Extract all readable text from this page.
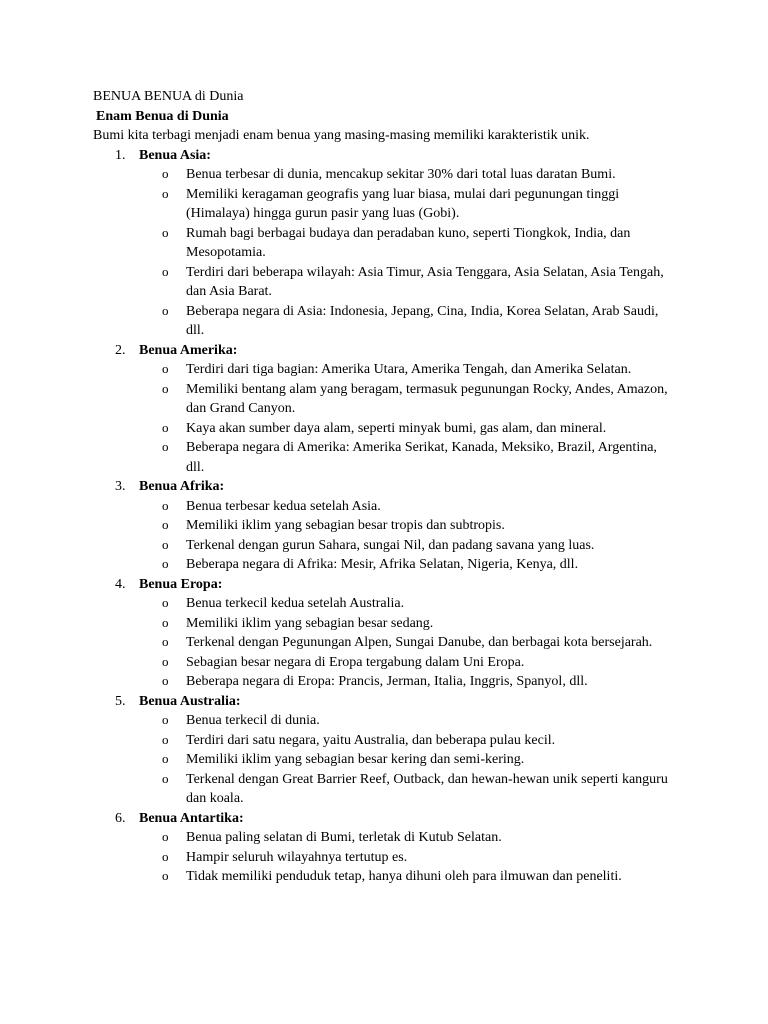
BENUA BENUA di Dunia

Enam Benua di Dunia

Bumi kita terbagi menjadi enam benua yang masing-masing memiliki karakteristik unik.

1. Benua Asia:
o Benua terbesar di dunia, mencakup sekitar 30% dari total luas daratan Bumi.
o Memiliki keragaman geografis yang luar biasa, mulai dari pegunungan tinggi (Himalaya) hingga gurun pasir yang luas (Gobi).
o Rumah bagi berbagai budaya dan peradaban kuno, seperti Tiongkok, India, dan Mesopotamia.
o Terdiri dari beberapa wilayah: Asia Timur, Asia Tenggara, Asia Selatan, Asia Tengah, dan Asia Barat.
o Beberapa negara di Asia: Indonesia, Jepang, Cina, India, Korea Selatan, Arab Saudi, dll.
2. Benua Amerika:
o Terdiri dari tiga bagian: Amerika Utara, Amerika Tengah, dan Amerika Selatan.
o Memiliki bentang alam yang beragam, termasuk pegunungan Rocky, Andes, Amazon, dan Grand Canyon.
o Kaya akan sumber daya alam, seperti minyak bumi, gas alam, dan mineral.
o Beberapa negara di Amerika: Amerika Serikat, Kanada, Meksiko, Brazil, Argentina, dll.
3. Benua Afrika:
o Benua terbesar kedua setelah Asia.
o Memiliki iklim yang sebagian besar tropis dan subtropis.
o Terkenal dengan gurun Sahara, sungai Nil, dan padang savana yang luas.
o Beberapa negara di Afrika: Mesir, Afrika Selatan, Nigeria, Kenya, dll.
4. Benua Eropa:
o Benua terkecil kedua setelah Australia.
o Memiliki iklim yang sebagian besar sedang.
o Terkenal dengan Pegunungan Alpen, Sungai Danube, dan berbagai kota bersejarah.
o Sebagian besar negara di Eropa tergabung dalam Uni Eropa.
o Beberapa negara di Eropa: Prancis, Jerman, Italia, Inggris, Spanyol, dll.
5. Benua Australia:
o Benua terkecil di dunia.
o Terdiri dari satu negara, yaitu Australia, dan beberapa pulau kecil.
o Memiliki iklim yang sebagian besar kering dan semi-kering.
o Terkenal dengan Great Barrier Reef, Outback, dan hewan-hewan unik seperti kanguru dan koala.
6. Benua Antartika:
o Benua paling selatan di Bumi, terletak di Kutub Selatan.
o Hampir seluruh wilayahnya tertutup es.
o Tidak memiliki penduduk tetap, hanya dihuni oleh para ilmuwan dan peneliti.
